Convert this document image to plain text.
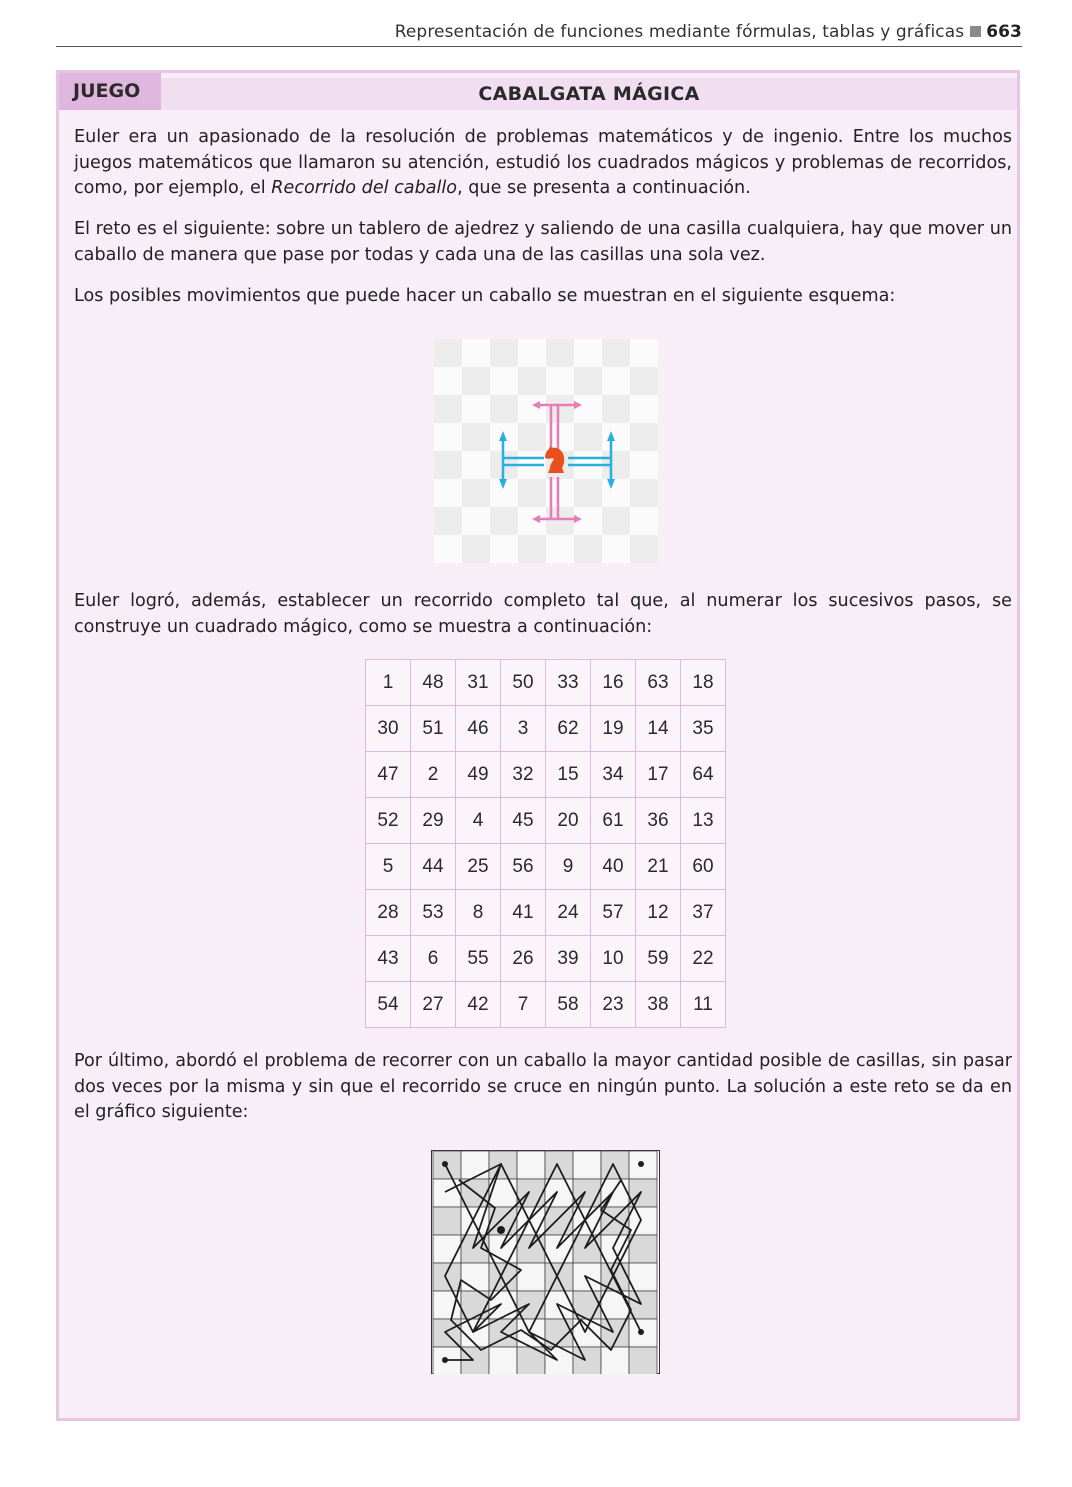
Representación de funciones mediante fórmulas, tablas y gráficas 663
JUEGO	CABALGATA MÁGICA

Euler era un apasionado de la resolución de problemas matemáticos y de ingenio. Entre los muchos juegos matemáticos que llamaron su atención, estudió los cuadrados mágicos y problemas de recorridos, como, por ejemplo, el Recorrido del caballo, que se presenta a continuación.

El reto es el siguiente: sobre un tablero de ajedrez y saliendo de una casilla cualquiera, hay que mover un caballo de manera que pase por todas y cada una de las casillas una sola vez.

Los posibles movimientos que puede hacer un caballo se muestran en el siguiente esquema:

Euler logró, además, establecer un recorrido completo tal que, al numerar los sucesivos pasos, se construye un cuadrado mágico, como se muestra a continuación:

1	48	31	50	33	16	63	18
30	51	46	3	62	19	14	35
47	2	49	32	15	34	17	64
52	29	4	45	20	61	36	13
5	44	25	56	9	40	21	60
28	53	8	41	24	57	12	37
43	6	55	26	39	10	59	22
54	27	42	7	58	23	38	11

Por último, abordó el problema de recorrer con un caballo la mayor cantidad posible de casillas, sin pasar dos veces por la misma y sin que el recorrido se cruce en ningún punto. La solución a este reto se da en el gráfico siguiente:
